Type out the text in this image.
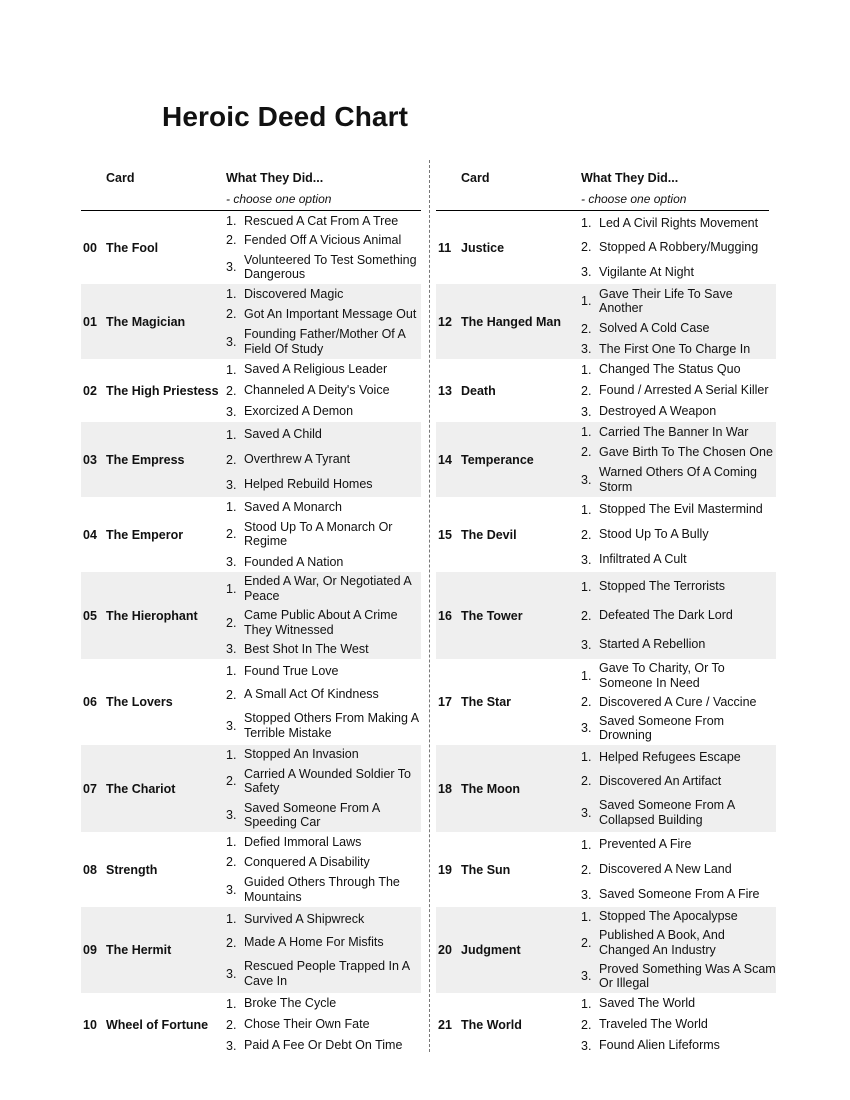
Heroic Deed Chart
Card	What They Did...
- choose one option
Card	What They Did...
- choose one option
00 The Fool
1. Rescued A Cat From A Tree
2. Fended Off A Vicious Animal
3.
Volunteered To Test Something Dangerous
01 The Magician
1. Discovered Magic
2. Got An Important Message Out
3.
Founding Father/Mother Of A Field Of Study
02 The High Priestess
1. Saved A Religious Leader
2. Channeled A Deity's Voice
3. Exorcized A Demon
03 The Empress
1. Saved A Child
2. Overthrew A Tyrant
3. Helped Rebuild Homes
04 The Emperor
1. Saved A Monarch
2.
Stood Up To A Monarch Or Regime
3. Founded A Nation
05 The Hierophant
1.
Ended A War, Or Negotiated A Peace
2.
Came Public About A Crime They Witnessed
3. Best Shot In The West
06 The Lovers
1. Found True Love
2. A Small Act Of Kindness
3.
Stopped Others From Making A Terrible Mistake
07 The Chariot
1. Stopped An Invasion
2.
Carried A Wounded Soldier To Safety
3.
Saved Someone From A Speeding Car
08 Strength
1. Defied Immoral Laws
2. Conquered A Disability
3.
Guided Others Through The Mountains
09 The Hermit
1. Survived A Shipwreck
2. Made A Home For Misfits
3.
Rescued People Trapped In A Cave In
10 Wheel of Fortune
1. Broke The Cycle
2. Chose Their Own Fate
3. Paid A Fee Or Debt On Time
11 Justice
1. Led A Civil Rights Movement
2. Stopped A Robbery/Mugging
3. Vigilante At Night
12 The Hanged Man
1.
Gave Their Life To Save Another
2. Solved A Cold Case
3. The First One To Charge In
13 Death
1. Changed The Status Quo
2. Found / Arrested A Serial Killer
3. Destroyed A Weapon
14 Temperance
1. Carried The Banner In War
2. Gave Birth To The Chosen One
3.
Warned Others Of A Coming Storm
15 The Devil
1. Stopped The Evil Mastermind
2. Stood Up To A Bully
3. Infiltrated A Cult
16 The Tower
1. Stopped The Terrorists
2. Defeated The Dark Lord
3. Started A Rebellion
17 The Star
1.
Gave To Charity, Or To Someone In Need
2. Discovered A Cure / Vaccine
3.
Saved Someone From Drowning
18 The Moon
1. Helped Refugees Escape
2. Discovered An Artifact
3.
Saved Someone From A Collapsed Building
19 The Sun
1. Prevented A Fire
2. Discovered A New Land
3. Saved Someone From A Fire
20 Judgment
1. Stopped The Apocalypse
2.
Published A Book, And Changed An Industry
3.
Proved Something Was A Scam Or Illegal
21 The World
1. Saved The World
2. Traveled The World
3. Found Alien Lifeforms
